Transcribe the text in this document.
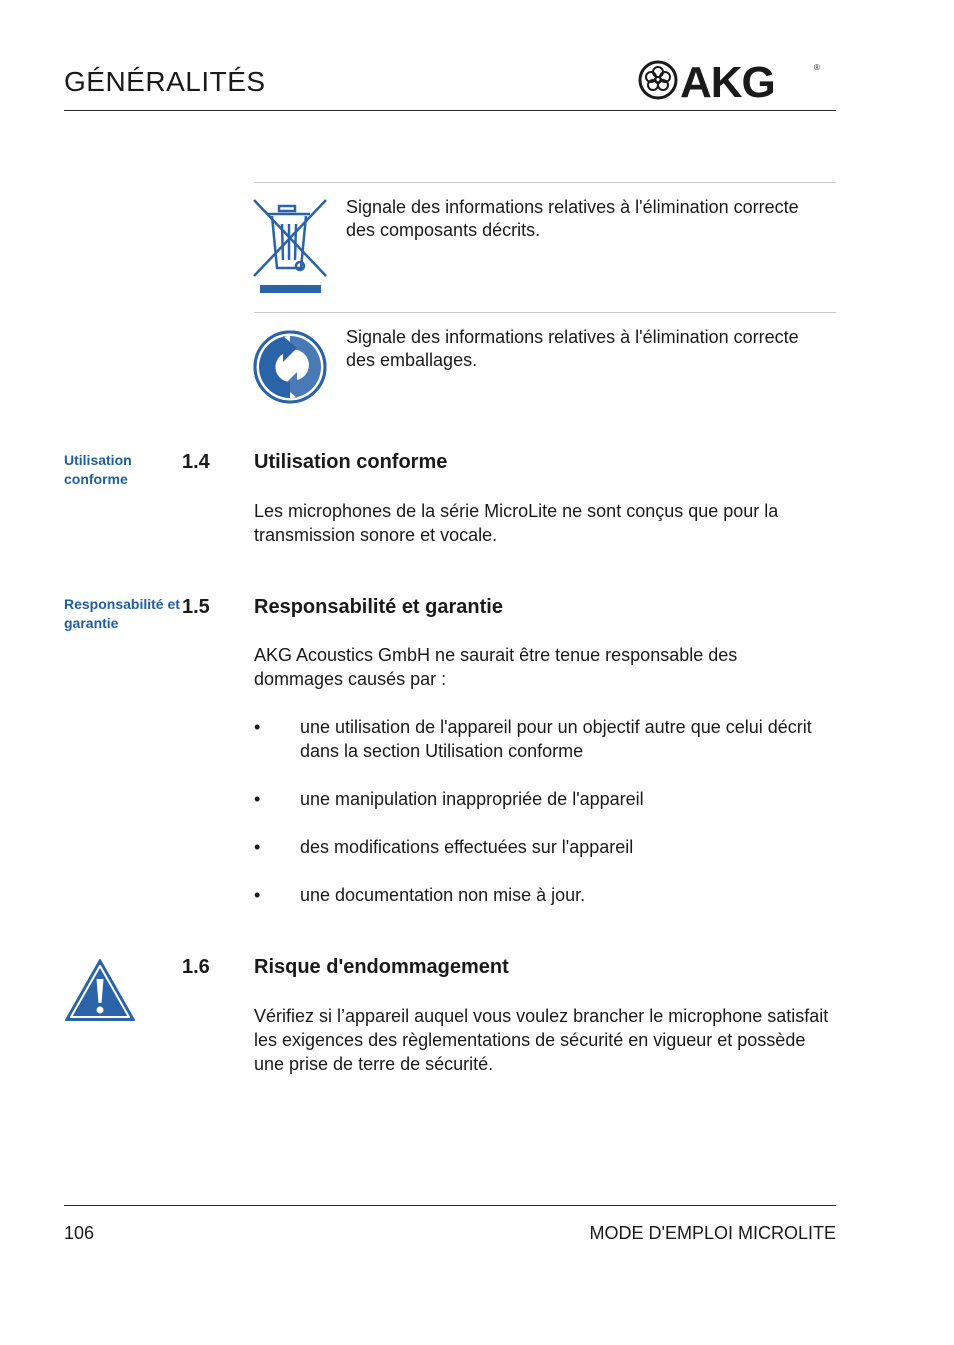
GÉNÉRALITÉS	AKG	®
Signale des informations relatives à l'élimination correcte des composants décrits.
Signale des informations relatives à l'élimination correcte des emballages.
Utilisation conforme
1.4 Utilisation conforme
Les microphones de la série MicroLite ne sont conçus que pour la transmission sonore et vocale.
Responsabilité et garantie
1.5 Responsabilité et garantie
AKG Acoustics GmbH ne saurait être tenue responsable des dommages causés par :
• une utilisation de l'appareil pour un objectif autre que celui décrit dans la section Utilisation conforme
• une manipulation inappropriée de l'appareil
• des modifications effectuées sur l'appareil
• une documentation non mise à jour.
1.6 Risque d'endommagement
Vérifiez si l’appareil auquel vous voulez brancher le microphone satisfait les exigences des règlementations de sécurité en vigueur et possède une prise de terre de sécurité.
106	MODE D'EMPLOI MICROLITE
